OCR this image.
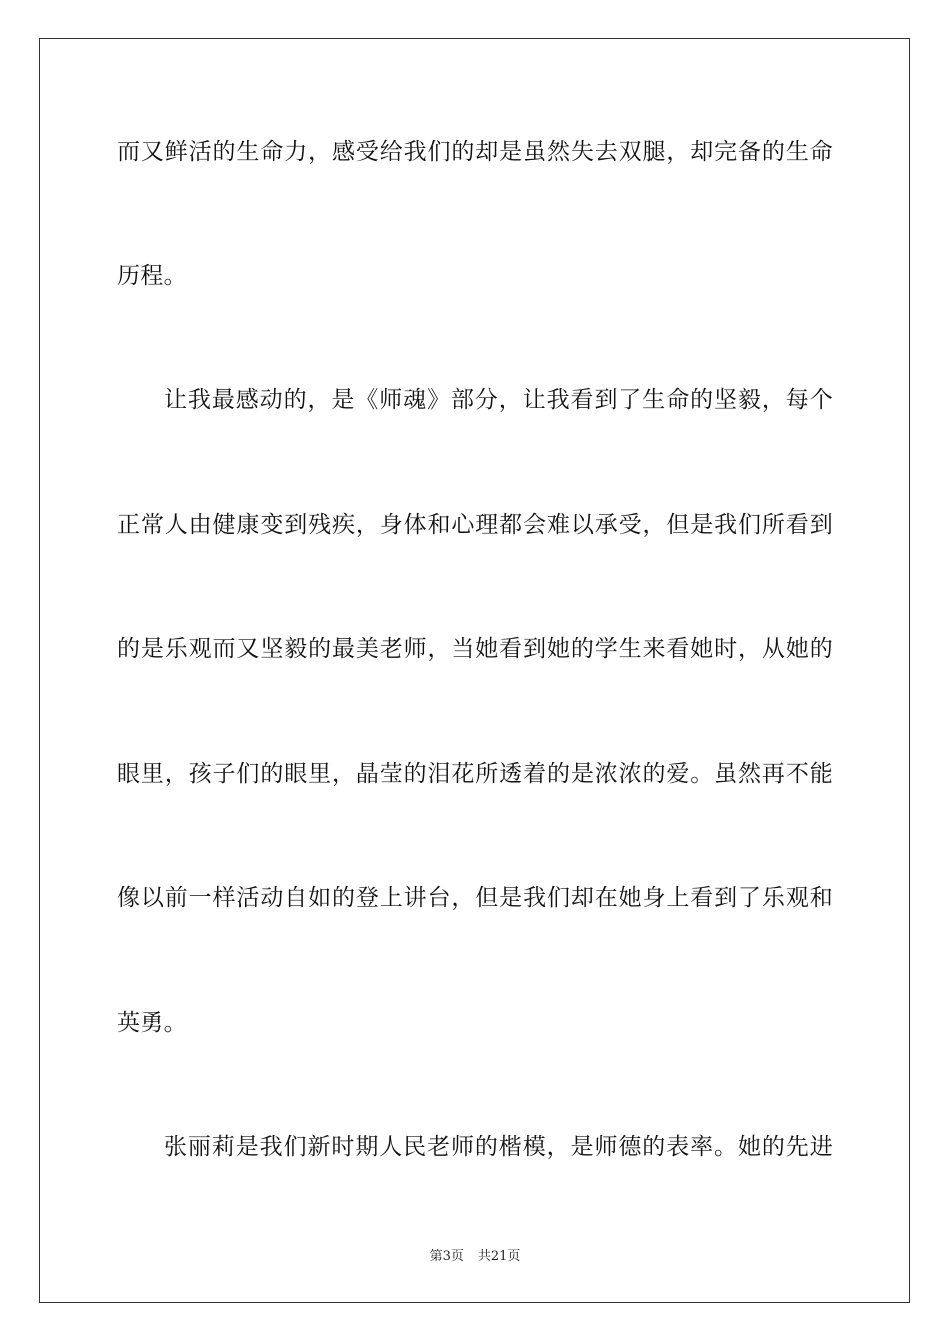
而又鲜活的生命力，感受给我们的却是虽然失去双腿，却完备的生命
历程。
让我最感动的，是《师魂》部分，让我看到了生命的坚毅，每个
正常人由健康变到残疾，身体和心理都会难以承受，但是我们所看到
的是乐观而又坚毅的最美老师，当她看到她的学生来看她时，从她的
眼里，孩子们的眼里，晶莹的泪花所透着的是浓浓的爱。虽然再不能
像以前一样活动自如的登上讲台，但是我们却在她身上看到了乐观和
英勇。
张丽莉是我们新时期人民老师的楷模，是师德的表率。她的先进
第3页 共21页
